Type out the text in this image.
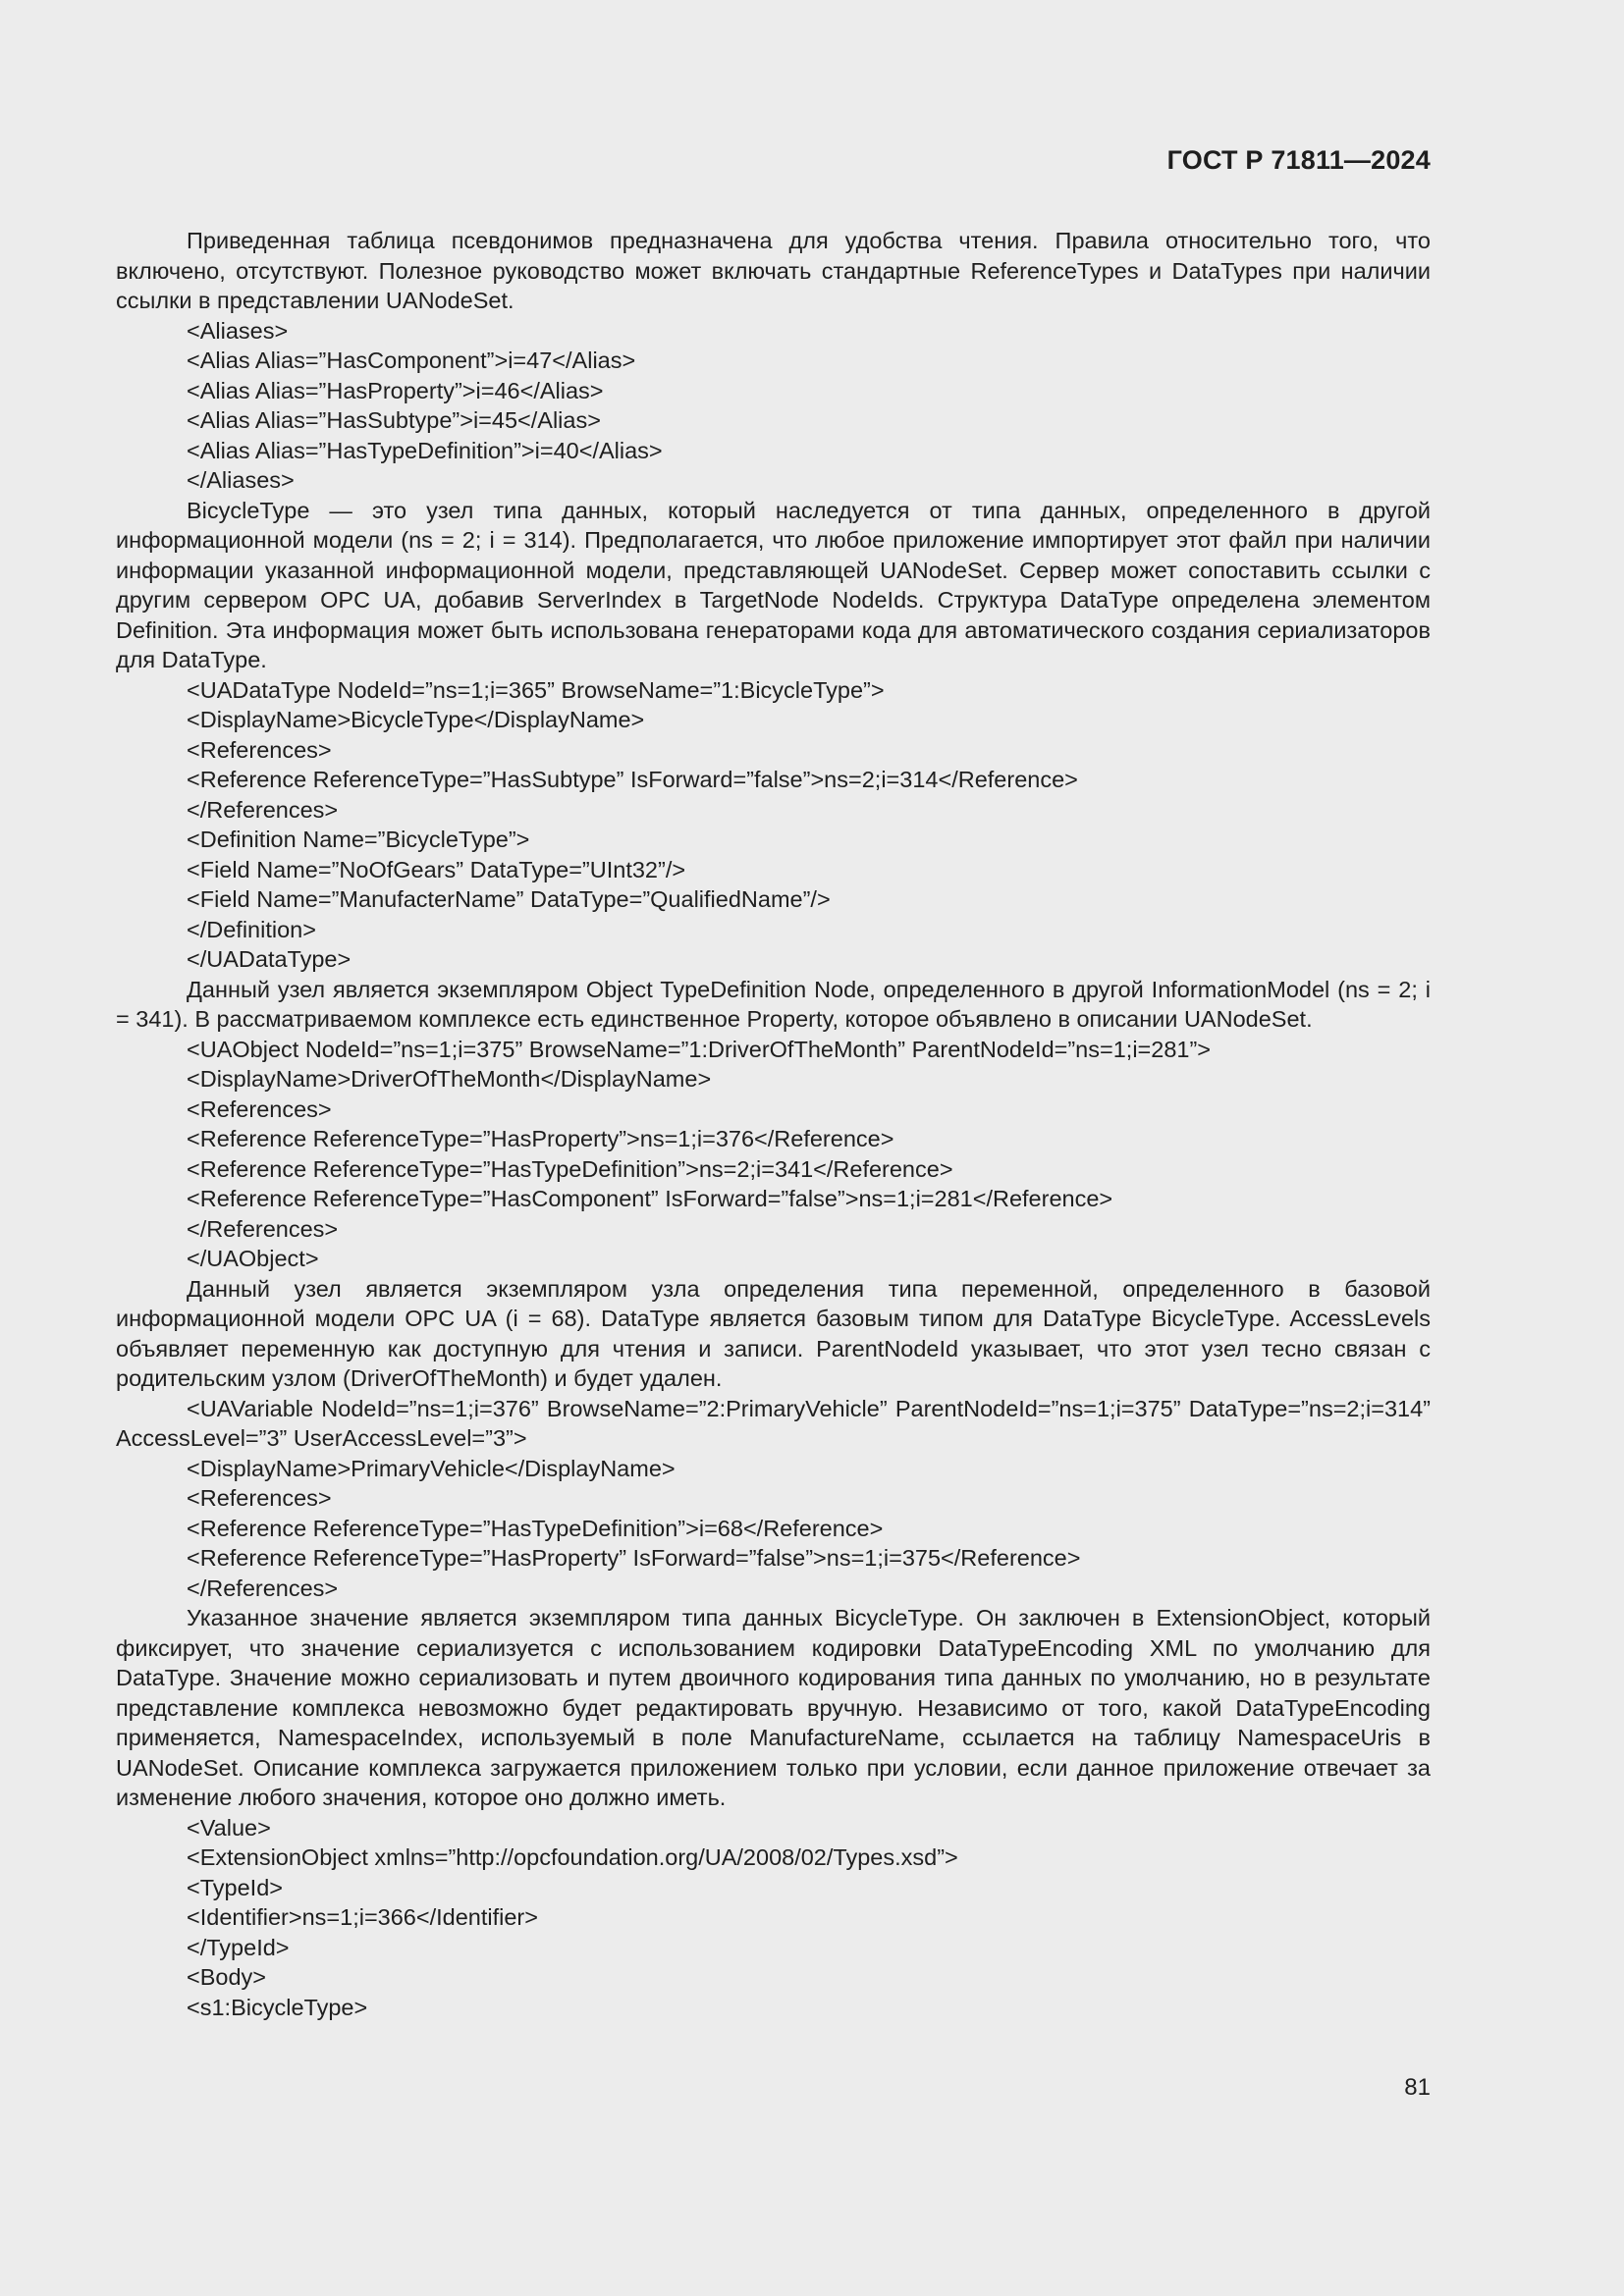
ГОСТ Р 71811—2024
Приведенная таблица псевдонимов предназначена для удобства чтения. Правила относительно того, что включено, отсутствуют. Полезное руководство может включать стандартные ReferenceTypes и DataTypes при наличии ссылки в представлении UANodeSet.
<Aliases>
<Alias Alias=”HasComponent”>i=47</Alias>
<Alias Alias=”HasProperty”>i=46</Alias>
<Alias Alias=”HasSubtype”>i=45</Alias>
<Alias Alias=”HasTypeDefinition”>i=40</Alias>
</Aliases>
BicycleType — это узел типа данных, который наследуется от типа данных, определенного в другой информационной модели (ns = 2; i = 314). Предполагается, что любое приложение импортирует этот файл при наличии информации указанной информационной модели, представляющей UANodeSet. Сервер может сопоставить ссылки с другим сервером OPC UA, добавив ServerIndex в TargetNode NodeIds. Структура DataType определена элементом Definition. Эта информация может быть использована генераторами кода для автоматического создания сериализаторов для DataType.
<UADataType NodeId=”ns=1;i=365” BrowseName=”1:BicycleType”>
<DisplayName>BicycleType</DisplayName>
<References>
<Reference ReferenceType=”HasSubtype” IsForward=”false”>ns=2;i=314</Reference>
</References>
<Definition Name=”BicycleType”>
<Field Name=”NoOfGears” DataType=”UInt32”/>
<Field Name=”ManufacterName” DataType=”QualifiedName”/>
</Definition>
</UADataType>
Данный узел является экземпляром Object TypeDefinition Node, определенного в другой InformationModel (ns = 2; i = 341). В рассматриваемом комплексе есть единственное Property, которое объявлено в описании UANodeSet.
<UAObject NodeId=”ns=1;i=375” BrowseName=”1:DriverOfTheMonth” ParentNodeId=”ns=1;i=281”>
<DisplayName>DriverOfTheMonth</DisplayName>
<References>
<Reference ReferenceType=”HasProperty”>ns=1;i=376</Reference>
<Reference ReferenceType=”HasTypeDefinition”>ns=2;i=341</Reference>
<Reference ReferenceType=”HasComponent” IsForward=”false”>ns=1;i=281</Reference>
</References>
</UAObject>
Данный узел является экземпляром узла определения типа переменной, определенного в базовой информационной модели OPC UA (i = 68). DataType является базовым типом для DataType BicycleType. AccessLevels объявляет переменную как доступную для чтения и записи. ParentNodeId указывает, что этот узел тесно связан с родительским узлом (DriverOfTheMonth) и будет удален.
<UAVariable NodeId=”ns=1;i=376” BrowseName=”2:PrimaryVehicle” ParentNodeId=”ns=1;i=375” DataType=”ns=2;i=314” AccessLevel=”3” UserAccessLevel=”3”>
<DisplayName>PrimaryVehicle</DisplayName>
<References>
<Reference ReferenceType=”HasTypeDefinition”>i=68</Reference>
<Reference ReferenceType=”HasProperty” IsForward=”false”>ns=1;i=375</Reference>
</References>
Указанное значение является экземпляром типа данных BicycleType. Он заключен в ExtensionObject, который фиксирует, что значение сериализуется с использованием кодировки DataTypeEncoding XML по умолчанию для DataType. Значение можно сериализовать и путем двоичного кодирования типа данных по умолчанию, но в результате представление комплекса невозможно будет редактировать вручную. Независимо от того, какой DataTypeEncoding применяется, NamespaceIndex, используемый в поле ManufactureName, ссылается на таблицу NamespaceUris в UANodeSet. Описание комплекса загружается приложением только при условии, если данное приложение отвечает за изменение любого значения, которое оно должно иметь.
<Value>
<ExtensionObject xmlns=”http://opcfoundation.org/UA/2008/02/Types.xsd”>
<TypeId>
<Identifier>ns=1;i=366</Identifier>
</TypeId>
<Body>
<s1:BicycleType>
81
